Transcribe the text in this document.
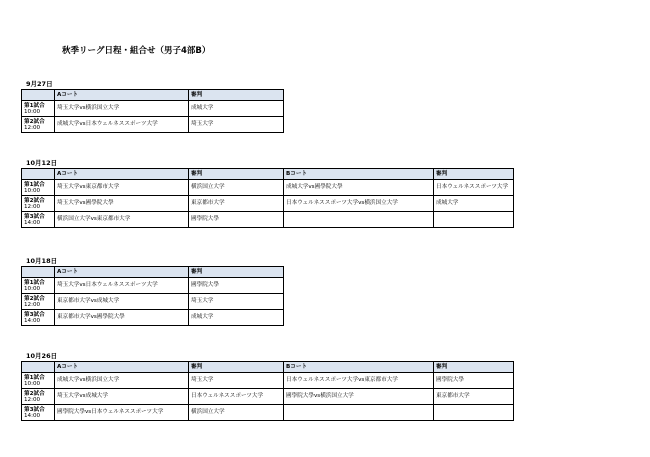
秋季リーグ日程・組合せ（男子4部B）
9月27日
	Aコート	審判
第1試合
10:00	埼玉大学vs横浜国立大学	成城大学
第2試合
12:00	成城大学vs日本ウェルネススポーツ大学	埼玉大学
10月12日
	Aコート	審判	Bコート	審判
第1試合
10:00	埼玉大学vs東京都市大学	横浜国立大学	成城大学vs國學院大學	日本ウェルネススポーツ大学
第2試合
12:00	埼玉大学vs國學院大學	東京都市大学	日本ウェルネススポーツ大学vs横浜国立大学	成城大学
第3試合
14:00	横浜国立大学vs東京都市大学	國學院大學		
10月18日
	Aコート	審判
第1試合
10:00	埼玉大学vs日本ウェルネススポーツ大学	國學院大學
第2試合
12:00	東京都市大学vs成城大学	埼玉大学
第3試合
14:00	東京都市大学vs國學院大學	成城大学
10月26日
	Aコート	審判	Bコート	審判
第1試合
10:00	成城大学vs横浜国立大学	埼玉大学	日本ウェルネススポーツ大学vs東京都市大学	國學院大學
第2試合
12:00	埼玉大学vs成城大学	日本ウェルネススポーツ大学	國學院大學vs横浜国立大学	東京都市大学
第3試合
14:00	國學院大學vs日本ウェルネススポーツ大学	横浜国立大学		
